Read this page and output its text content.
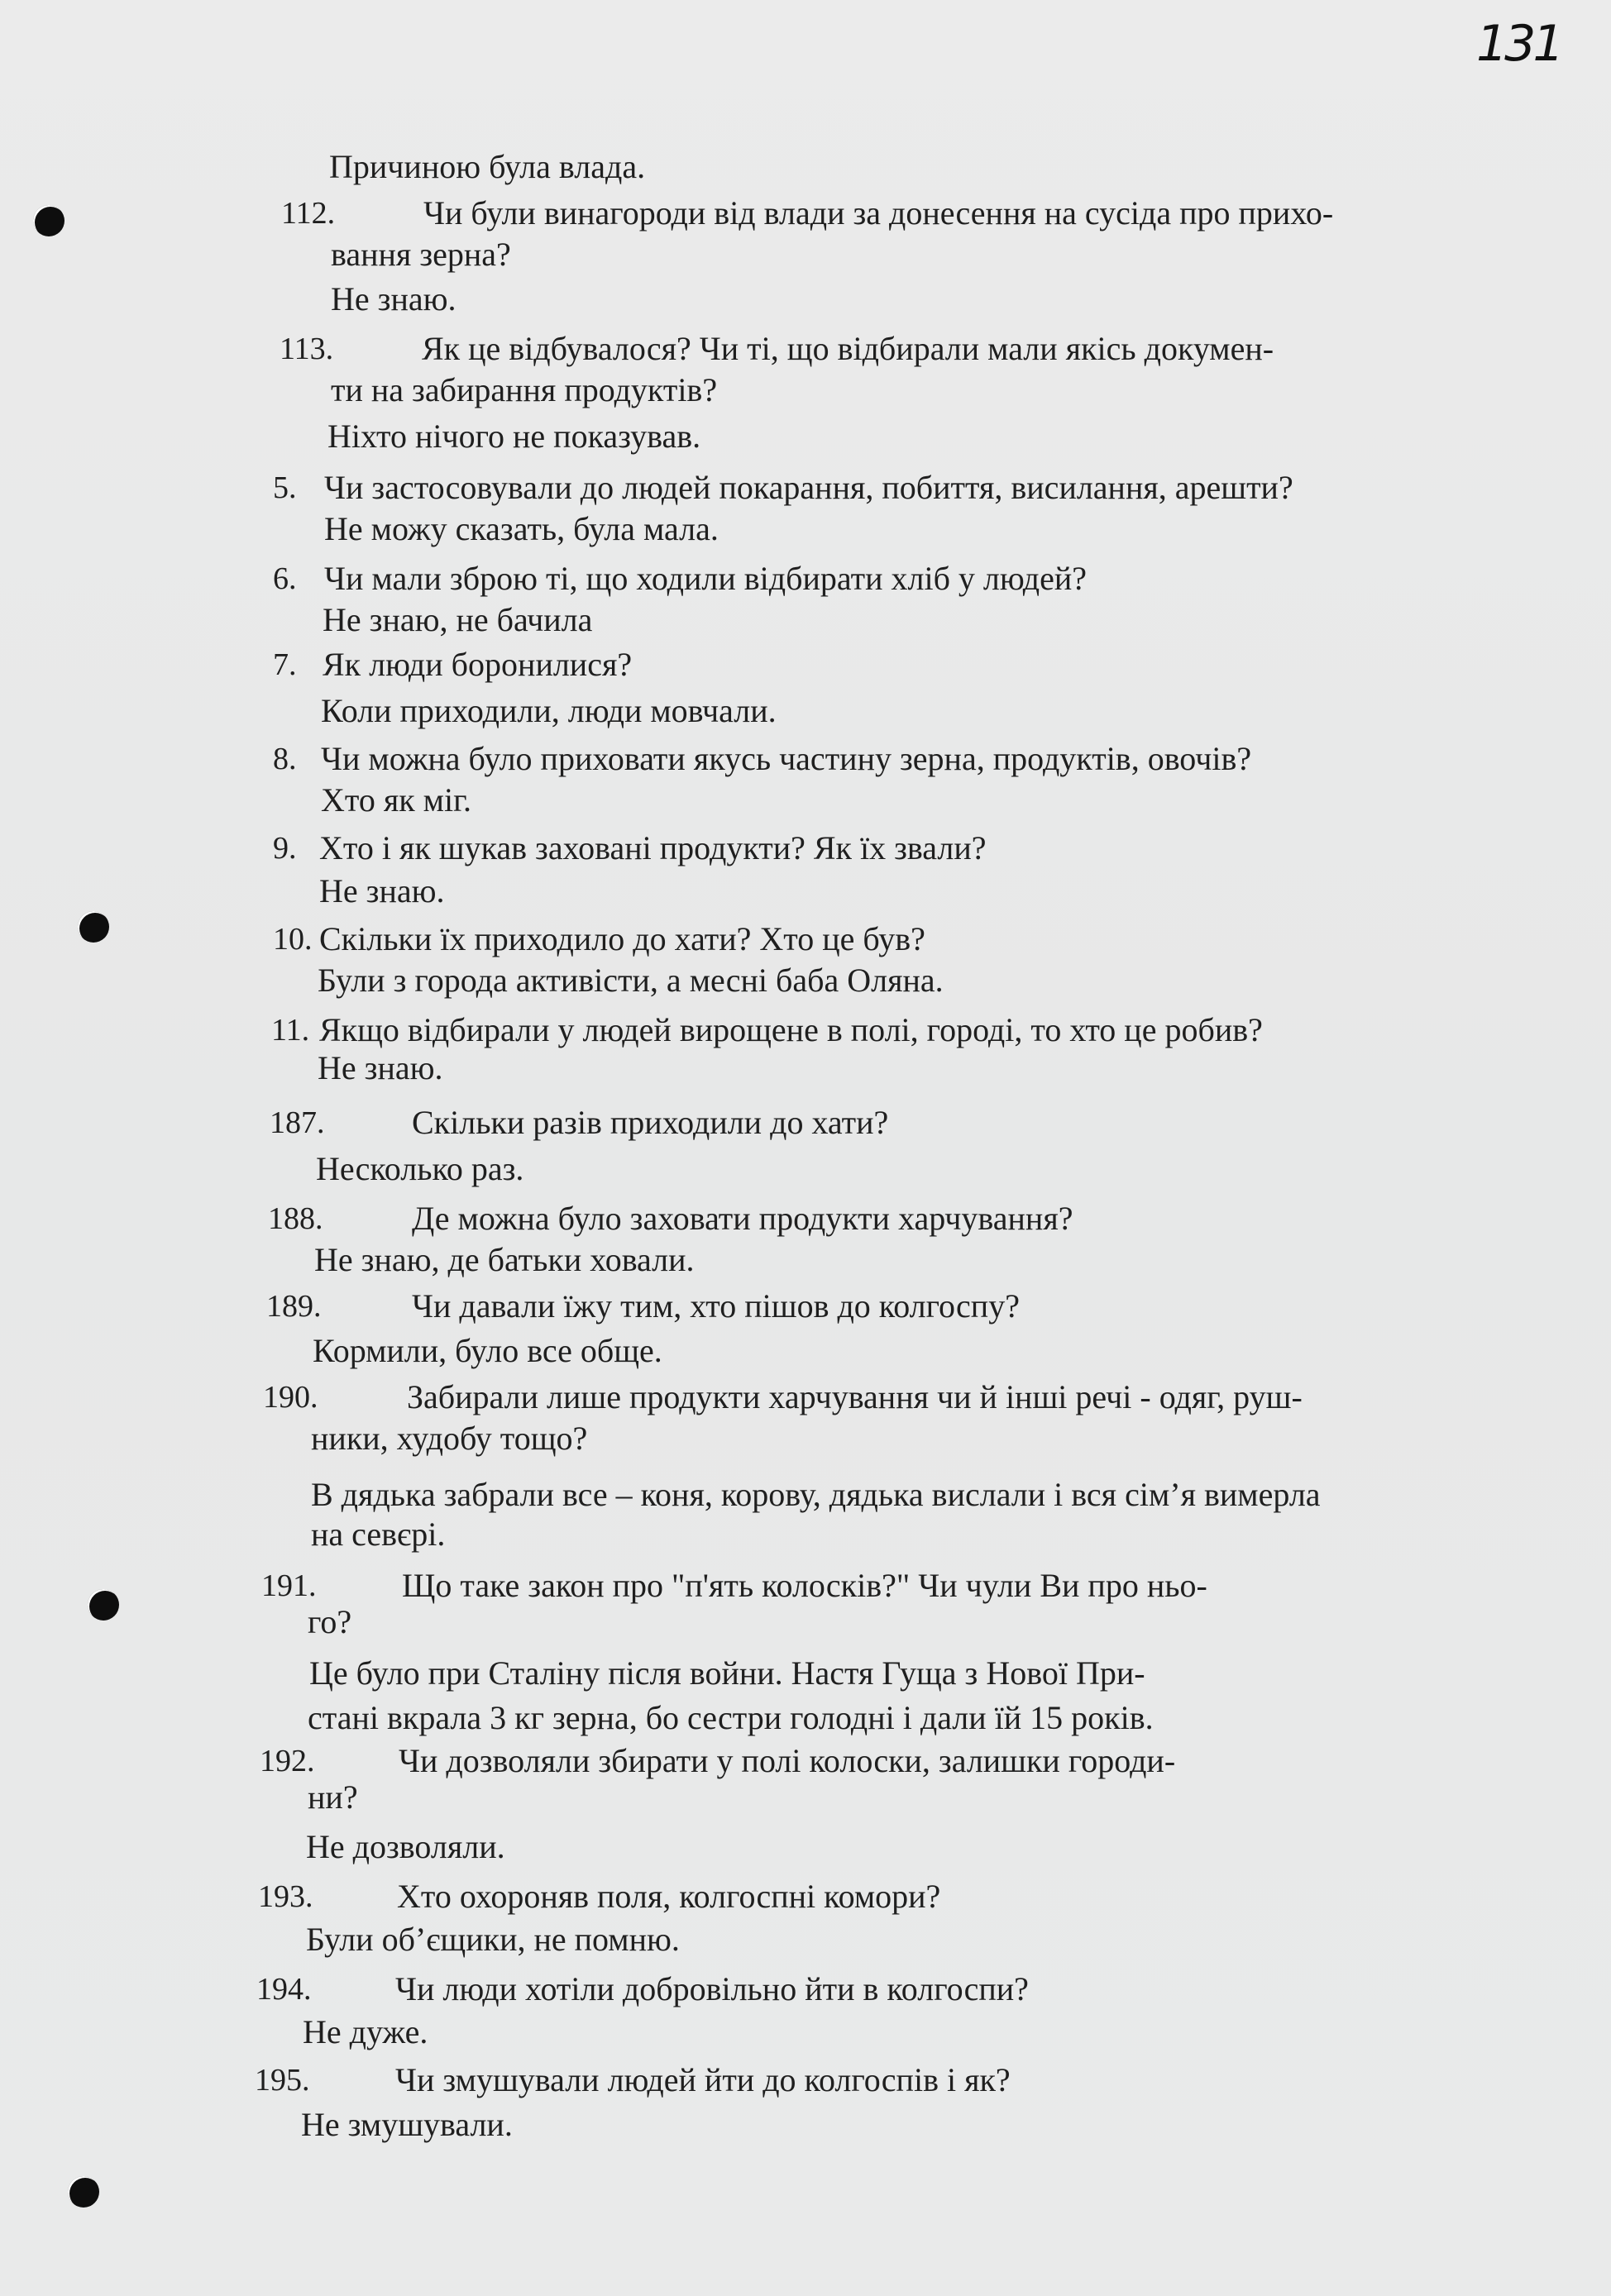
131
Причиною була влада.
112.	Чи були винагороди від влади за донесення на сусіда про прихо-
вання зерна?
Не знаю.
113.	Як це відбувалося? Чи ті, що відбирали мали якісь докумен-
ти на забирання продуктів?
Ніхто нічого не показував.
5. Чи застосовували до людей покарання, побиття, висилання, арешти?
Не можу сказать, була мала.
6. Чи мали зброю ті, що ходили відбирати хліб у людей?
Не знаю, не бачила
7. Як люди боронилися?
Коли приходили, люди мовчали.
8. Чи можна було приховати якусь частину зерна, продуктів, овочів?
Хто як міг.
9. Хто і як шукав заховані продукти? Як їх звали?
Не знаю.
10. Скільки їх приходило до хати? Хто це був?
Були з города активісти, а месні баба Оляна.
11. Якщо відбирали у людей вирощене в полі, городі, то хто це робив?
Не знаю.
187.	Скільки разів приходили до хати?
Несколько раз.
188.	Де можна було заховати продукти харчування?
Не знаю, де батьки ховали.
189.	Чи давали їжу тим, хто пішов до колгоспу?
Кормили, було все обще.
190.	Забирали лише продукти харчування чи й інші речі - одяг, руш-
ники, худобу тощо?
В дядька забрали все – коня, корову, дядька вислали і вся сім’я вимерла
на севєрі.
191.	Що таке закон про "п'ять колосків?" Чи чули Ви про ньо-
го?
Це було при Сталіну після войни. Настя Гуща з Нової При-
стані вкрала 3 кг зерна, бо сестри голодні і дали їй 15 років.
192.	Чи дозволяли збирати у полі колоски, залишки городи-
ни?
Не дозволяли.
193.	Хто охороняв поля, колгоспні комори?
Були об’єщики, не помню.
194.	Чи люди хотіли добровільно йти в колгоспи?
Не дуже.
195.	Чи змушували людей йти до колгоспів і як?
Не змушували.
